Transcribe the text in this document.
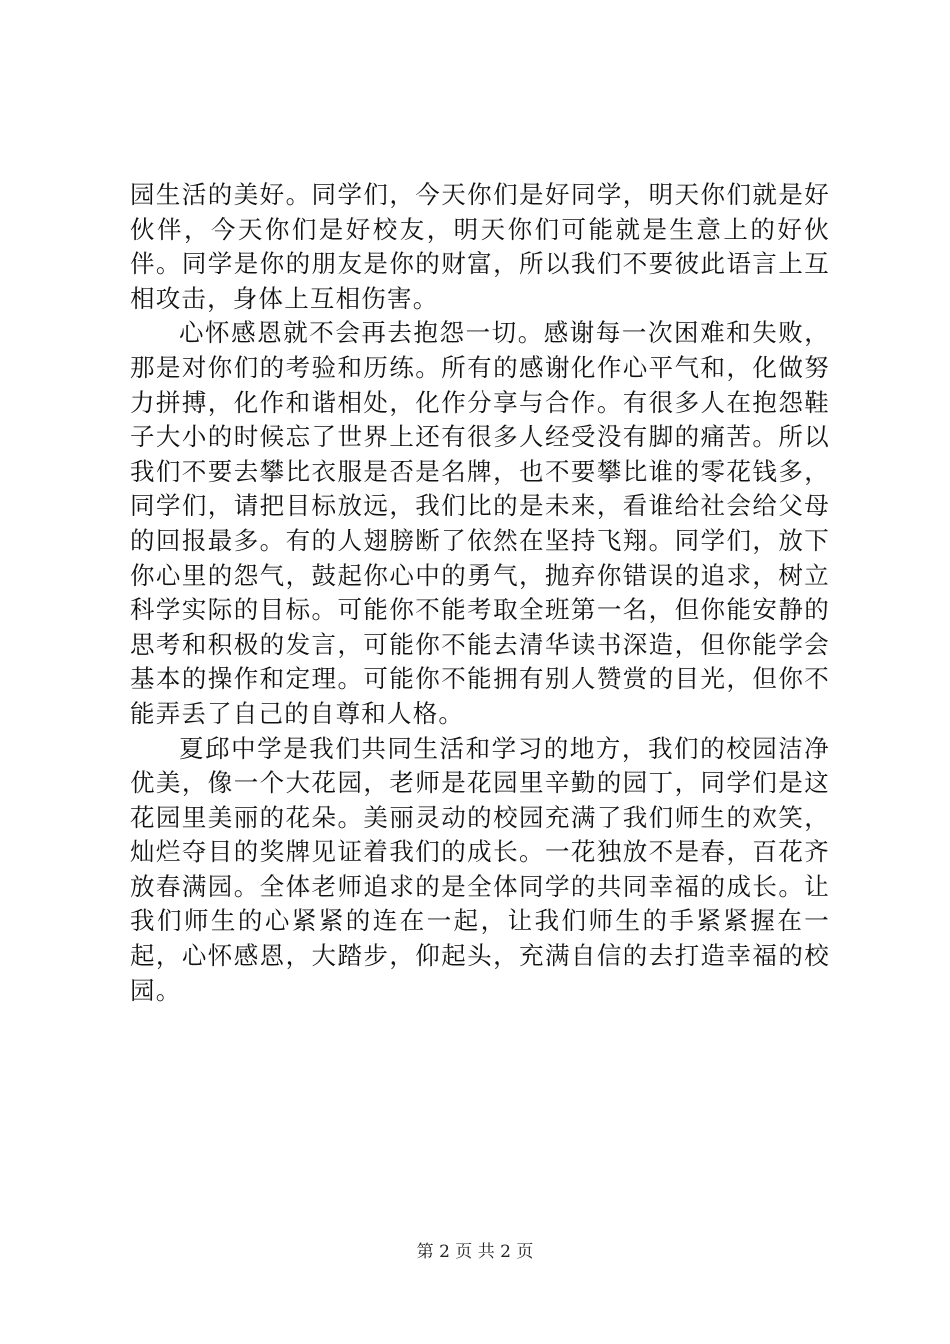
园生活的美好。同学们，今天你们是好同学，明天你们就是好伙伴，今天你们是好校友，明天你们可能就是生意上的好伙伴。同学是你的朋友是你的财富，所以我们不要彼此语言上互相攻击，身体上互相伤害。

心怀感恩就不会再去抱怨一切。感谢每一次困难和失败，那是对你们的考验和历练。所有的感谢化作心平气和，化做努力拼搏，化作和谐相处，化作分享与合作。有很多人在抱怨鞋子大小的时候忘了世界上还有很多人经受没有脚的痛苦。所以我们不要去攀比衣服是否是名牌，也不要攀比谁的零花钱多，同学们，请把目标放远，我们比的是未来，看谁给社会给父母的回报最多。有的人翅膀断了依然在坚持飞翔。同学们，放下你心里的怨气，鼓起你心中的勇气，抛弃你错误的追求，树立科学实际的目标。可能你不能考取全班第一名，但你能安静的思考和积极的发言，可能你不能去清华读书深造，但你能学会基本的操作和定理。可能你不能拥有别人赞赏的目光，但你不能弄丢了自己的自尊和人格。

夏邱中学是我们共同生活和学习的地方，我们的校园洁净优美，像一个大花园，老师是花园里辛勤的园丁，同学们是这花园里美丽的花朵。美丽灵动的校园充满了我们师生的欢笑，灿烂夺目的奖牌见证着我们的成长。一花独放不是春，百花齐放春满园。全体老师追求的是全体同学的共同幸福的成长。让我们师生的心紧紧的连在一起，让我们师生的手紧紧握在一起，心怀感恩，大踏步，仰起头，充满自信的去打造幸福的校园。

第 2 页 共 2 页
